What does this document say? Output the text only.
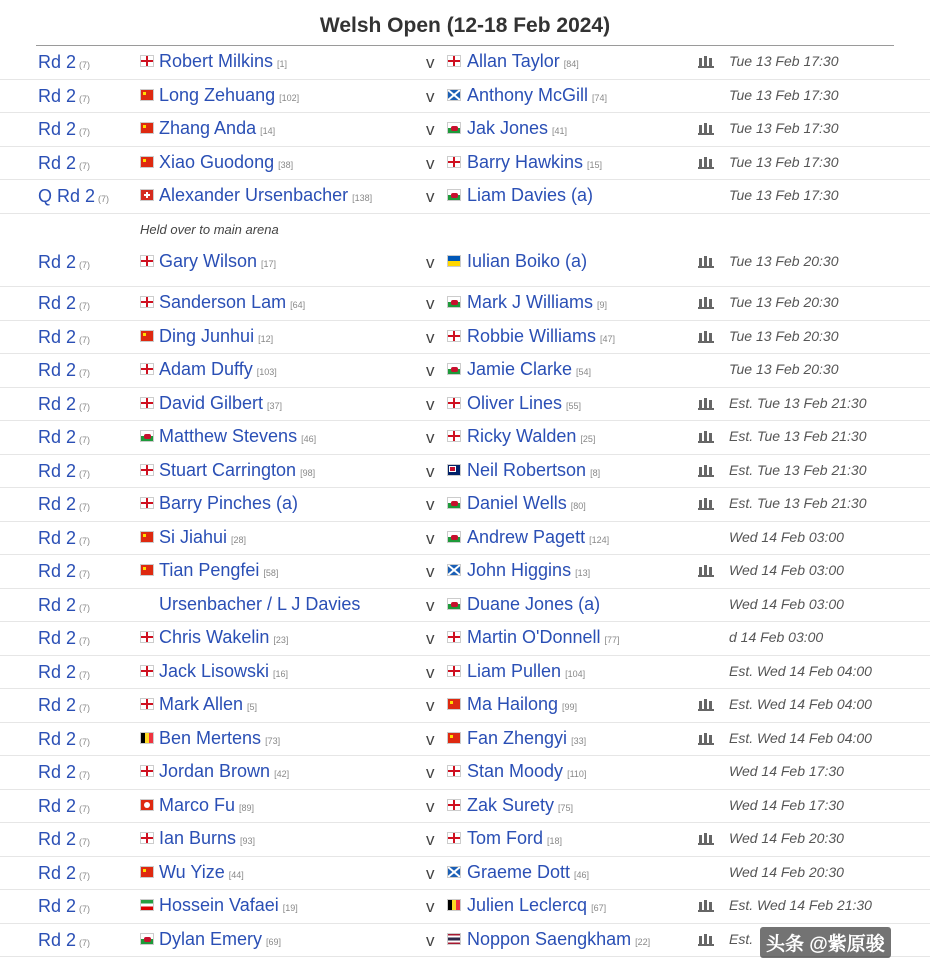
Welsh Open (12-18 Feb 2024)
Rd 2 (7)	Robert Milkins [1]	v Allan Taylor [84]	Tue 13 Feb 17:30
Rd 2 (7)	Long Zehuang [102]	v Anthony McGill [74]	Tue 13 Feb 17:30
Rd 2 (7)	Zhang Anda [14]	v Jak Jones [41]	Tue 13 Feb 17:30
Rd 2 (7)	Xiao Guodong [38]	v Barry Hawkins [15]	Tue 13 Feb 17:30
Q Rd 2 (7)	Alexander Ursenbacher [138]	v Liam Davies (a)	Tue 13 Feb 17:30
Held over to main arena
Rd 2 (7)	Gary Wilson [17]	v Iulian Boiko (a)	Tue 13 Feb 20:30
Rd 2 (7)	Sanderson Lam [64]	v Mark J Williams [9]	Tue 13 Feb 20:30
Rd 2 (7)	Ding Junhui [12]	v Robbie Williams [47]	Tue 13 Feb 20:30
Rd 2 (7)	Adam Duffy [103]	v Jamie Clarke [54]	Tue 13 Feb 20:30
Rd 2 (7)	David Gilbert [37]	v Oliver Lines [55]	Est. Tue 13 Feb 21:30
Rd 2 (7)	Matthew Stevens [46]	v Ricky Walden [25]	Est. Tue 13 Feb 21:30
Rd 2 (7)	Stuart Carrington [98]	v Neil Robertson [8]	Est. Tue 13 Feb 21:30
Rd 2 (7)	Barry Pinches (a)	v Daniel Wells [80]	Est. Tue 13 Feb 21:30
Rd 2 (7)	Si Jiahui [28]	v Andrew Pagett [124]	Wed 14 Feb 03:00
Rd 2 (7)	Tian Pengfei [58]	v John Higgins [13]	Wed 14 Feb 03:00
Rd 2 (7)	Ursenbacher / L J Davies	v Duane Jones (a)	Wed 14 Feb 03:00
Rd 2 (7)	Chris Wakelin [23]	v Martin O'Donnell [77]	d 14 Feb 03:00
Rd 2 (7)	Jack Lisowski [16]	v Liam Pullen [104]	Est. Wed 14 Feb 04:00
Rd 2 (7)	Mark Allen [5]	v Ma Hailong [99]	Est. Wed 14 Feb 04:00
Rd 2 (7)	Ben Mertens [73]	v Fan Zhengyi [33]	Est. Wed 14 Feb 04:00
Rd 2 (7)	Jordan Brown [42]	v Stan Moody [110]	Wed 14 Feb 17:30
Rd 2 (7)	Marco Fu [89]	v Zak Surety [75]	Wed 14 Feb 17:30
Rd 2 (7)	Ian Burns [93]	v Tom Ford [18]	Wed 14 Feb 20:30
Rd 2 (7)	Wu Yize [44]	v Graeme Dott [46]	Wed 14 Feb 20:30
Rd 2 (7)	Hossein Vafaei [19]	v Julien Leclercq [67]	Est. Wed 14 Feb 21:30
Rd 2 (7)	Dylan Emery [69]	v Noppon Saengkham [22]	Est. 头条 @紫原骏
